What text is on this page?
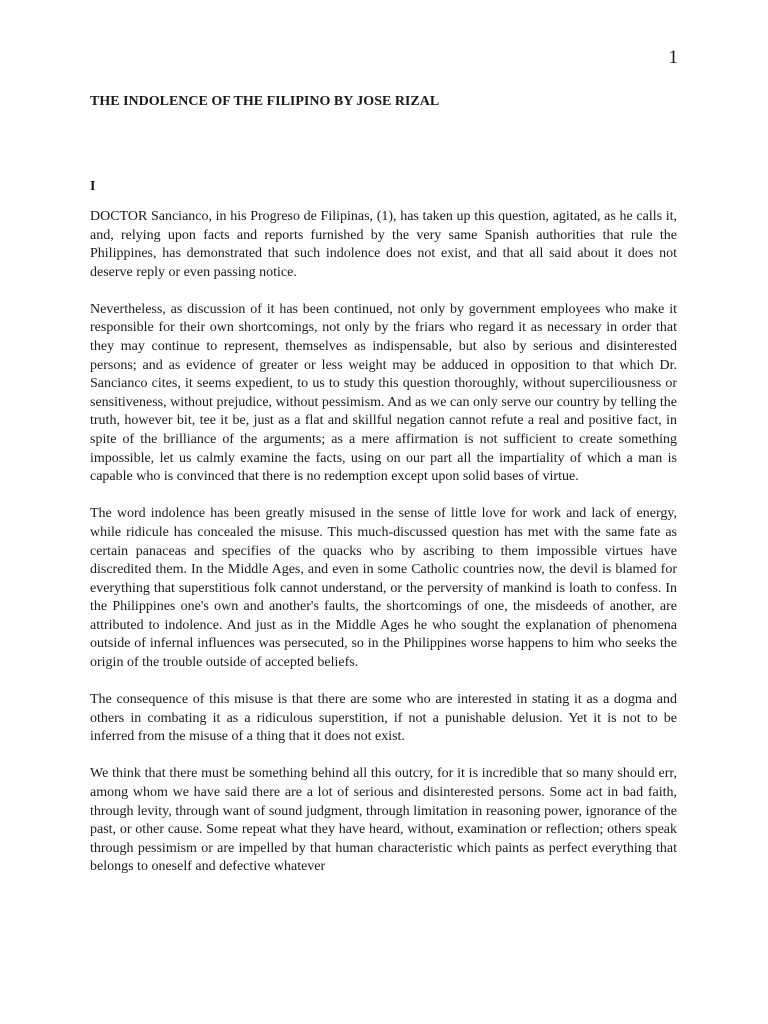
1
THE INDOLENCE OF THE FILIPINO BY JOSE RIZAL
I

DOCTOR Sancianco, in his Progreso de Filipinas, (1), has taken up this question, agitated, as he calls it, and, relying upon facts and reports furnished by the very same Spanish authorities that rule the Philippines, has demonstrated that such indolence does not exist, and that all said about it does not deserve reply or even passing notice.

Nevertheless, as discussion of it has been continued, not only by government employees who make it responsible for their own shortcomings, not only by the friars who regard it as necessary in order that they may continue to represent, themselves as indispensable, but also by serious and disinterested persons; and as evidence of greater or less weight may be adduced in opposition to that which Dr. Sancianco cites, it seems expedient, to us to study this question thoroughly, without superciliousness or sensitiveness, without prejudice, without pessimism. And as we can only serve our country by telling the truth, however bit, tee it be, just as a flat and skillful negation cannot refute a real and positive fact, in spite of the brilliance of the arguments; as a mere affirmation is not sufficient to create something impossible, let us calmly examine the facts, using on our part all the impartiality of which a man is capable who is convinced that there is no redemption except upon solid bases of virtue.

The word indolence has been greatly misused in the sense of little love for work and lack of energy, while ridicule has concealed the misuse. This much-discussed question has met with the same fate as certain panaceas and specifies of the quacks who by ascribing to them impossible virtues have discredited them. In the Middle Ages, and even in some Catholic countries now, the devil is blamed for everything that superstitious folk cannot understand, or the perversity of mankind is loath to confess. In the Philippines one's own and another's faults, the shortcomings of one, the misdeeds of another, are attributed to indolence. And just as in the Middle Ages he who sought the explanation of phenomena outside of infernal influences was persecuted, so in the Philippines worse happens to him who seeks the origin of the trouble outside of accepted beliefs.

The consequence of this misuse is that there are some who are interested in stating it as a dogma and others in combating it as a ridiculous superstition, if not a punishable delusion. Yet it is not to be inferred from the misuse of a thing that it does not exist.

We think that there must be something behind all this outcry, for it is incredible that so many should err, among whom we have said there are a lot of serious and disinterested persons. Some act in bad faith, through levity, through want of sound judgment, through limitation in reasoning power, ignorance of the past, or other cause. Some repeat what they have heard, without, examination or reflection; others speak through pessimism or are impelled by that human characteristic which paints as perfect everything that belongs to oneself and defective whatever
